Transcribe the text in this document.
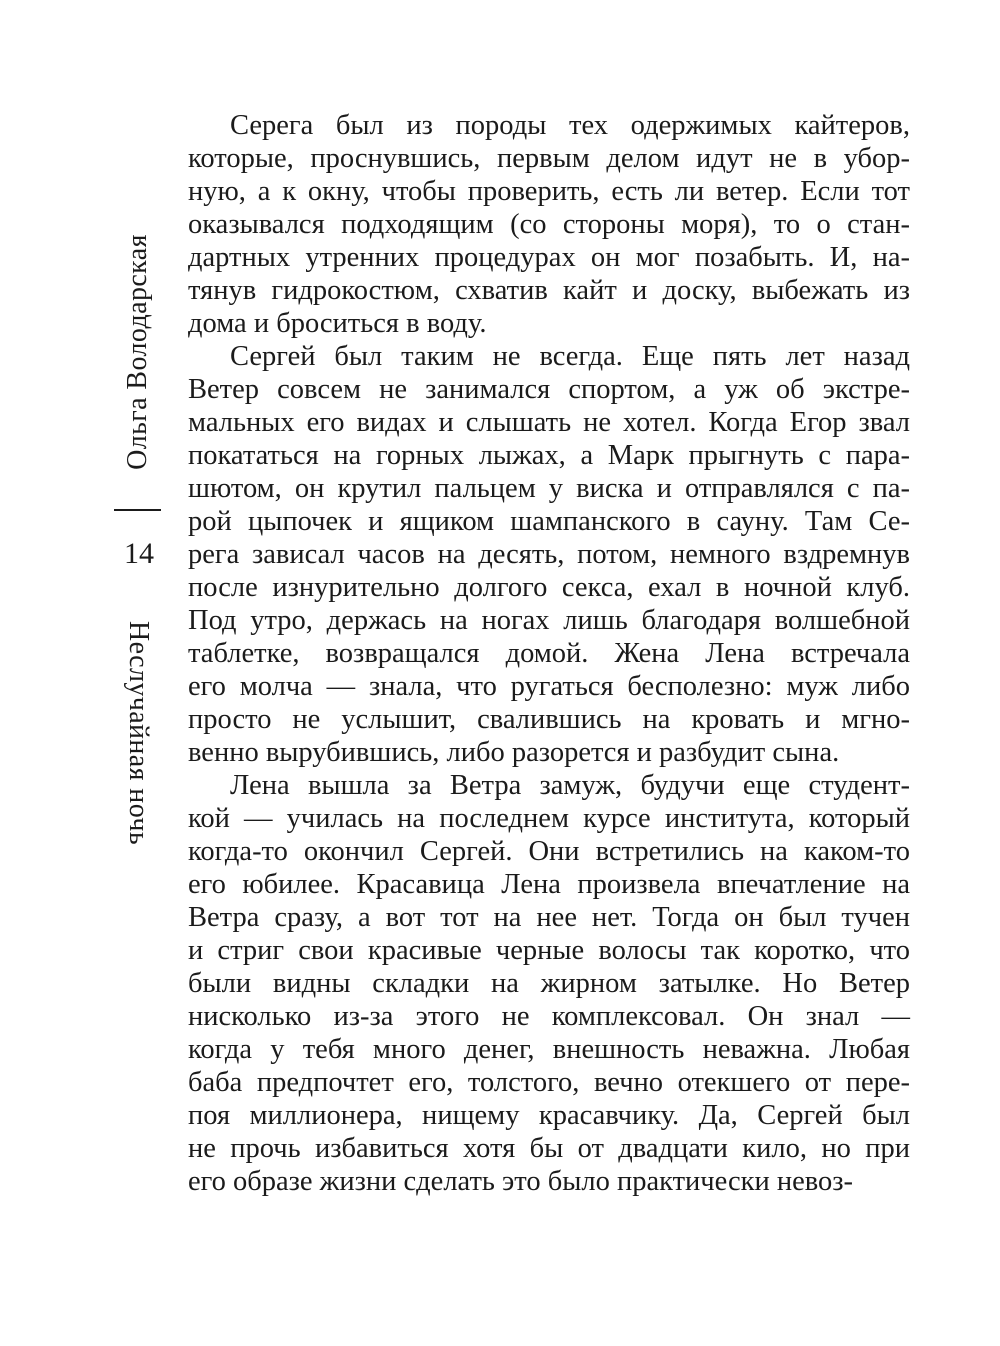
Ольга Володарская
14
Неслучайная ночь
Серега был из породы тех одержимых кайтеров,
которые, проснувшись, первым делом идут не в убор-
ную, а к окну, чтобы проверить, есть ли ветер. Если тот
оказывался подходящим (со стороны моря), то о стан-
дартных утренних процедурах он мог позабыть. И, на-
тянув гидрокостюм, схватив кайт и доску, выбежать из
дома и броситься в воду.
Сергей был таким не всегда. Еще пять лет назад
Ветер совсем не занимался спортом, а уж об экстре-
мальных его видах и слышать не хотел. Когда Егор звал
покататься на горных лыжах, а Марк прыгнуть с пара-
шютом, он крутил пальцем у виска и отправлялся с па-
рой цыпочек и ящиком шампанского в сауну. Там Се-
рега зависал часов на десять, потом, немного вздремнув
после изнурительно долгого секса, ехал в ночной клуб.
Под утро, держась на ногах лишь благодаря волшебной
таблетке, возвращался домой. Жена Лена встречала
его молча — знала, что ругаться бесполезно: муж либо
просто не услышит, свалившись на кровать и мгно-
венно вырубившись, либо разорется и разбудит сына.
Лена вышла за Ветра замуж, будучи еще студент-
кой — училась на последнем курсе института, который
когда-то окончил Сергей. Они встретились на каком-то
его юбилее. Красавица Лена произвела впечатление на
Ветра сразу, а вот тот на нее нет. Тогда он был тучен
и стриг свои красивые черные волосы так коротко, что
были видны складки на жирном затылке. Но Ветер
нисколько из-за этого не комплексовал. Он знал —
когда у тебя много денег, внешность неважна. Любая
баба предпочтет его, толстого, вечно отекшего от пере-
поя миллионера, нищему красавчику. Да, Сергей был
не прочь избавиться хотя бы от двадцати кило, но при
его образе жизни сделать это было практически невоз-
